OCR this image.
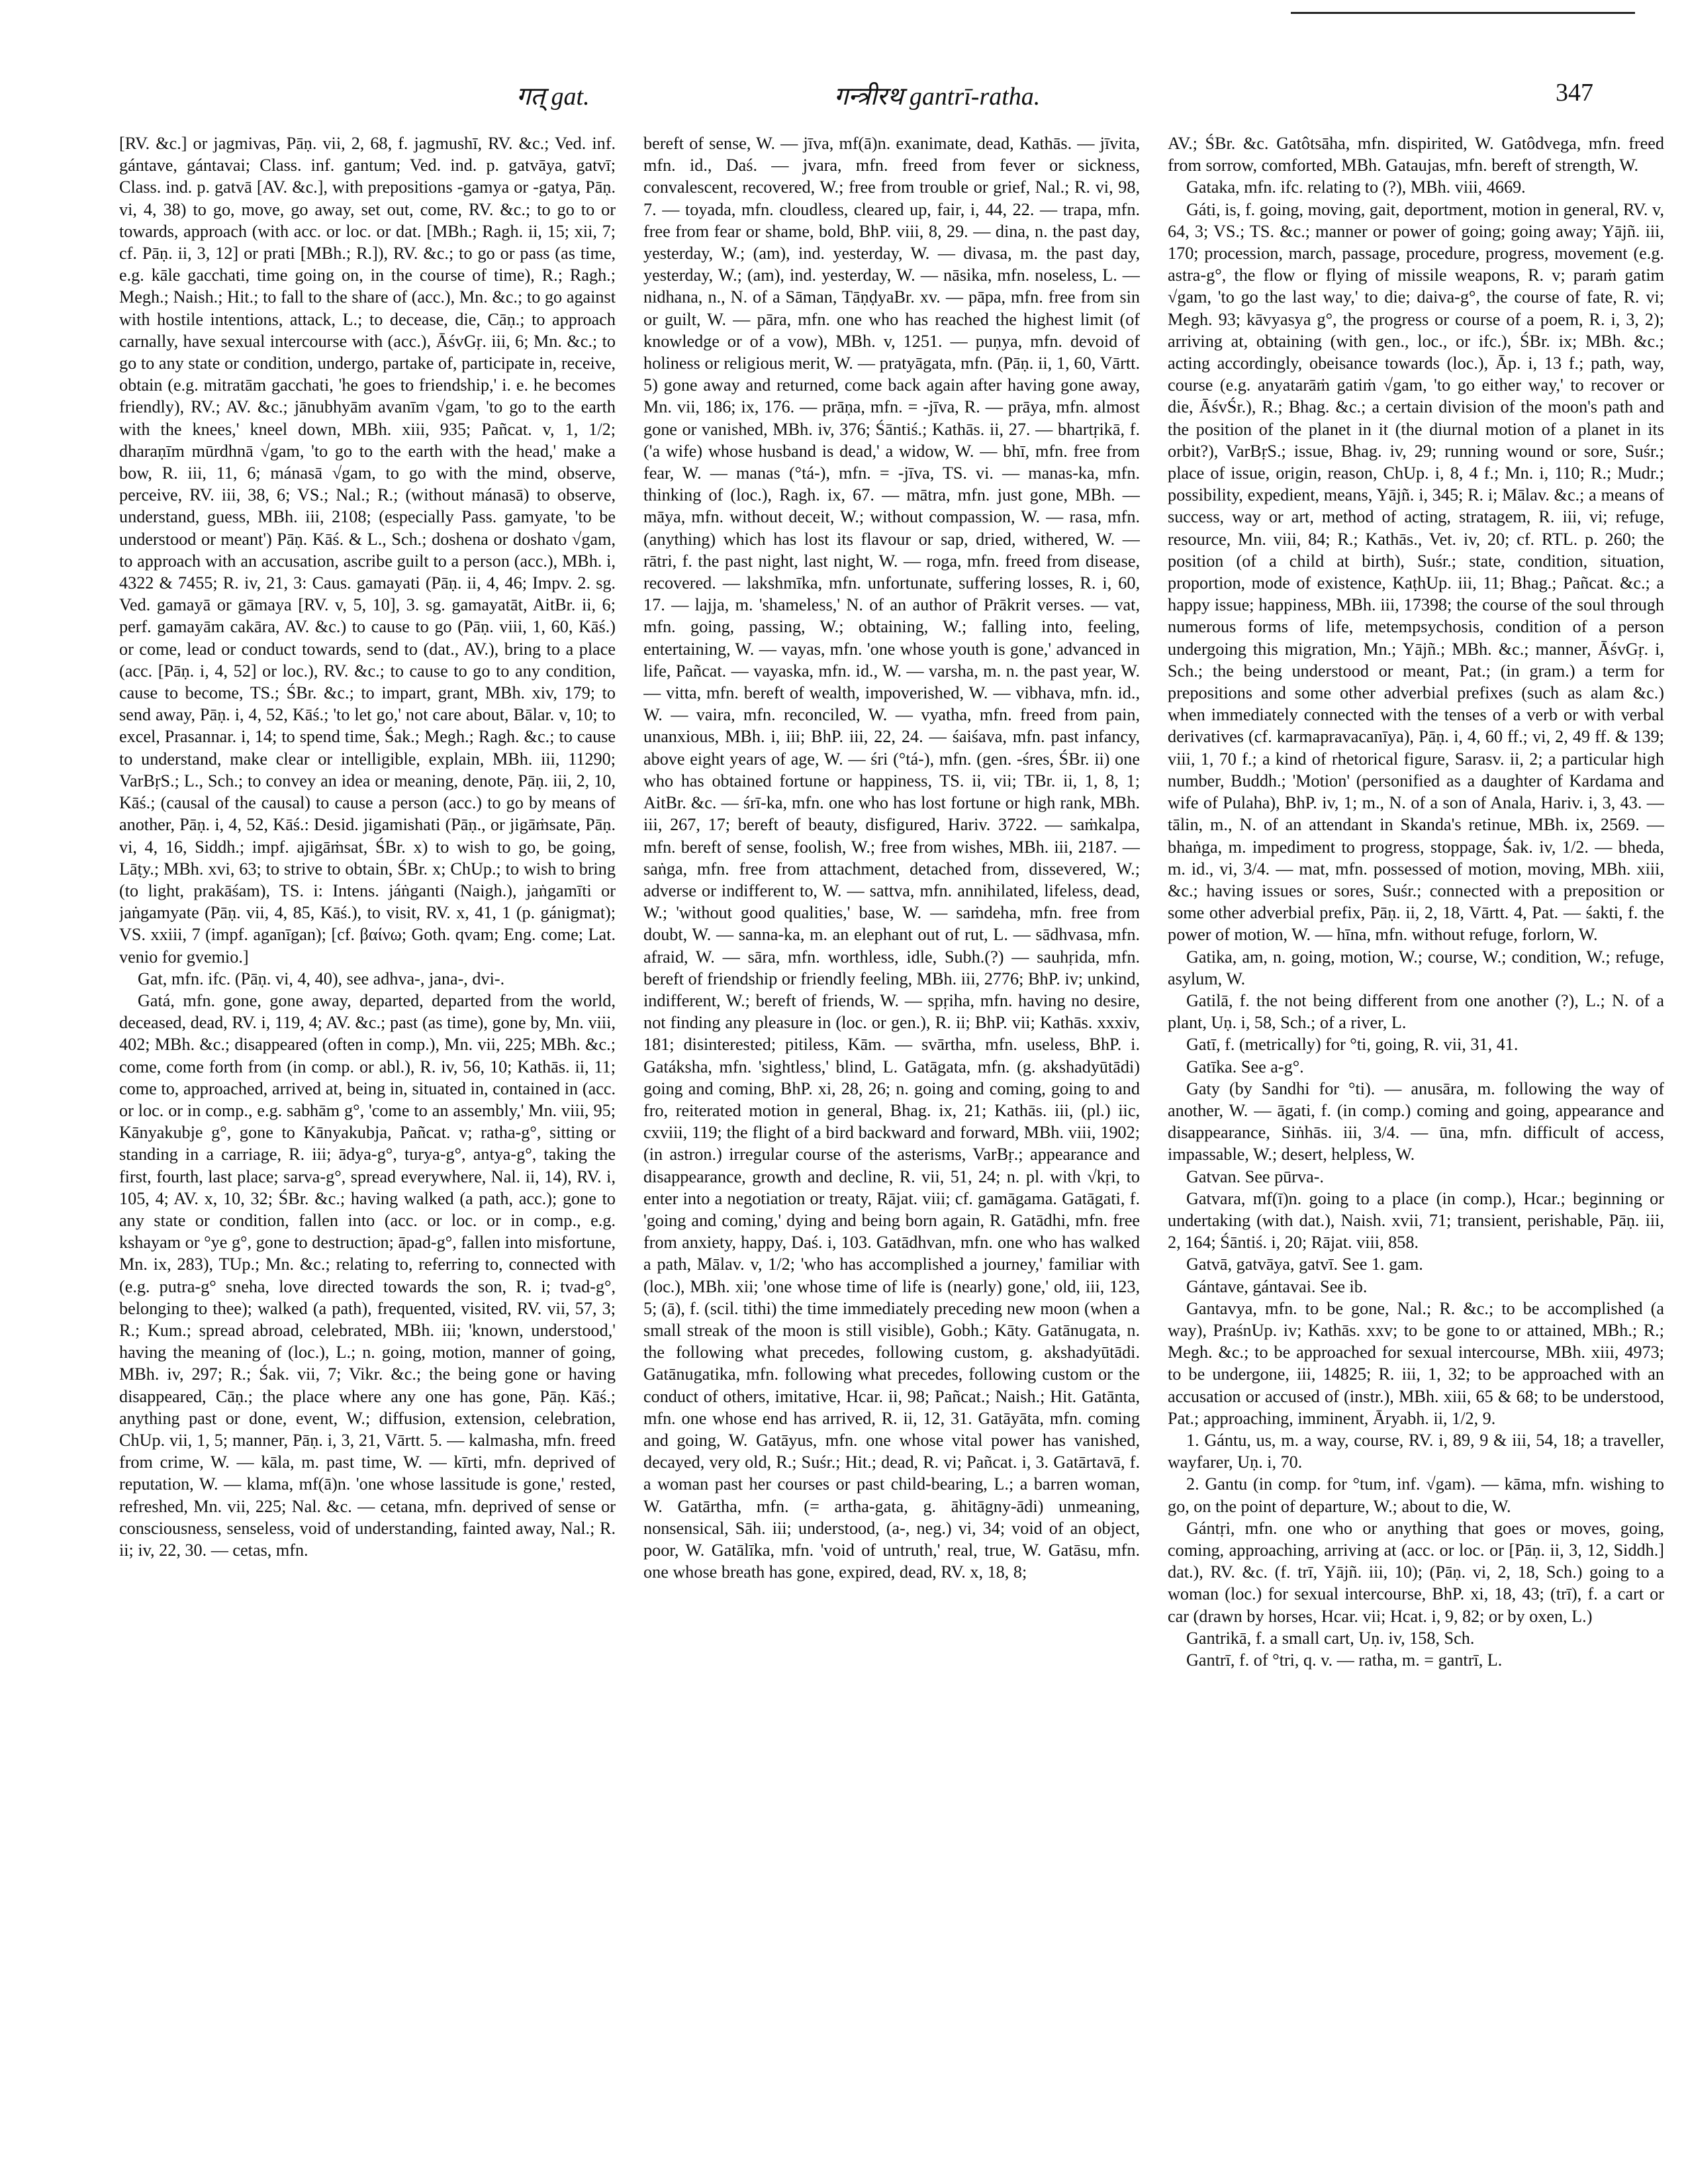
गत् gat.	गन्त्रीरथ gantrī-ratha.	347

[RV. &c.] or jagmivas, Pāṇ. vii, 2, 68, f. jagmushī, RV. &c.; Ved. inf. gántave, gántavai; Class. inf. gantum; Ved. ind. p. gatvāya, gatvī; Class. ind. p. gatvā [AV. &c.], with prepositions -gamya or -gatya, Pāṇ. vi, 4, 38) to go, move, go away, set out, come, RV. &c.; to go to or towards, approach (with acc. or loc. or dat. [MBh.; Ragh. ii, 15; xii, 7; cf. Pāṇ. ii, 3, 12] or prati [MBh.; R.]), RV. &c.; to go or pass (as time, e.g. kāle gacchati, time going on, in the course of time), R.; Ragh.; Megh.; Naish.; Hit.; to fall to the share of (acc.), Mn. &c.; to go against with hostile intentions, attack, L.; to decease, die, Cāṇ.; to approach carnally, have sexual intercourse with (acc.), ĀśvGṛ. iii, 6; Mn. &c.; to go to any state or condition, undergo, partake of, participate in, receive, obtain (e.g. mitratām gacchati, 'he goes to friendship,' i. e. he becomes friendly), RV.; AV. &c.; jānubhyām avanīm √gam, 'to go to the earth with the knees,' kneel down, MBh. xiii, 935; Pañcat. v, 1, 1/2; dharaṇīm mūrdhnā √gam, 'to go to the earth with the head,' make a bow, R. iii, 11, 6; mánasā √gam, to go with the mind, observe, perceive, RV. iii, 38, 6; VS.; Nal.; R.; (without mánasā) to observe, understand, guess, MBh. iii, 2108; (especially Pass. gamyate, 'to be understood or meant') Pāṇ. Kāś. & L., Sch.; doshena or doshato √gam, to approach with an accusation, ascribe guilt to a person (acc.), MBh. i, 4322 & 7455; R. iv, 21, 3: Caus. gamayati (Pāṇ. ii, 4, 46; Impv. 2. sg. Ved. gamayā or gāmaya [RV. v, 5, 10], 3. sg. gamayatāt, AitBr. ii, 6; perf. gamayām cakāra, AV. &c.) to cause to go (Pāṇ. viii, 1, 60, Kāś.) or come, lead or conduct towards, send to (dat., AV.), bring to a place (acc. [Pāṇ. i, 4, 52] or loc.), RV. &c.; to cause to go to any condition, cause to become, TS.; ŚBr. &c.; to impart, grant, MBh. xiv, 179; to send away, Pāṇ. i, 4, 52, Kāś.; 'to let go,' not care about, Bālar. v, 10; to excel, Prasannar. i, 14; to spend time, Śak.; Megh.; Ragh. &c.; to cause to understand, make clear or intelligible, explain, MBh. iii, 11290; VarBṛS.; L., Sch.; to convey an idea or meaning, denote, Pāṇ. iii, 2, 10, Kāś.; (causal of the causal) to cause a person (acc.) to go by means of another, Pāṇ. i, 4, 52, Kāś.: Desid. jigamishati (Pāṇ., or jigāṁsate, Pāṇ. vi, 4, 16, Siddh.; impf. ajigāṁsat, ŚBr. x) to wish to go, be going, Lāṭy.; MBh. xvi, 63; to strive to obtain, ŚBr. x; ChUp.; to wish to bring (to light, prakāśam), TS. i: Intens. jáṅganti (Naigh.), jaṅgamīti or jaṅgamyate (Pāṇ. vii, 4, 85, Kāś.), to visit, RV. x, 41, 1 (p. gánigmat); VS. xxiii, 7 (impf. aganīgan); [cf. βαίνω; Goth. qvam; Eng. come; Lat. venio for gvemio.]

Gat, mfn. ifc. (Pāṇ. vi, 4, 40), see adhva-, jana-, dvi-.

Gatá, mfn. gone, gone away, departed, departed from the world, deceased, dead, RV. i, 119, 4; AV. &c.; past (as time), gone by, Mn. viii, 402; MBh. &c.; disappeared (often in comp.), Mn. vii, 225; MBh. &c.; come, come forth from (in comp. or abl.), R. iv, 56, 10; Kathās. ii, 11; come to, approached, arrived at, being in, situated in, contained in (acc. or loc. or in comp., e.g. sabhām g°, 'come to an assembly,' Mn. viii, 95; Kānyakubje g°, gone to Kānyakubja, Pañcat. v; ratha-g°, sitting or standing in a carriage, R. iii; ādya-g°, turya-g°, antya-g°, taking the first, fourth, last place; sarva-g°, spread everywhere, Nal. ii, 14), RV. i, 105, 4; AV. x, 10, 32; ŚBr. &c.; having walked (a path, acc.); gone to any state or condition, fallen into (acc. or loc. or in comp., e.g. kshayam or °ye g°, gone to destruction; āpad-g°, fallen into misfortune, Mn. ix, 283), TUp.; Mn. &c.; relating to, referring to, connected with (e.g. putra-g° sneha, love directed towards the son, R. i; tvad-g°, belonging to thee); walked (a path), frequented, visited, RV. vii, 57, 3; R.; Kum.; spread abroad, celebrated, MBh. iii; 'known, understood,' having the meaning of (loc.), L.; n. going, motion, manner of going, MBh. iv, 297; R.; Śak. vii, 7; Vikr. &c.; the being gone or having disappeared, Cāṇ.; the place where any one has gone, Pāṇ. Kāś.; anything past or done, event, W.; diffusion, extension, celebration, ChUp. vii, 1, 5; manner, Pāṇ. i, 3, 21, Vārtt. 5. — kalmasha, mfn. freed from crime, W. — kāla, m. past time, W. — kīrti, mfn. deprived of reputation, W. — klama, mf(ā)n. 'one whose lassitude is gone,' rested, refreshed, Mn. vii, 225; Nal. &c. — cetana, mfn. deprived of sense or consciousness, senseless, void of understanding, fainted away, Nal.; R. ii; iv, 22, 30. — cetas, mfn.

bereft of sense, W. — jīva, mf(ā)n. exanimate, dead, Kathās. — jīvita, mfn. id., Daś. — jvara, mfn. freed from fever or sickness, convalescent, recovered, W.; free from trouble or grief, Nal.; R. vi, 98, 7. — toyada, mfn. cloudless, cleared up, fair, i, 44, 22. — trapa, mfn. free from fear or shame, bold, BhP. viii, 8, 29. — dina, n. the past day, yesterday, W.; (am), ind. yesterday, W. — divasa, m. the past day, yesterday, W.; (am), ind. yesterday, W. — nāsika, mfn. noseless, L. — nidhana, n., N. of a Sāman, TāṇḍyaBr. xv. — pāpa, mfn. free from sin or guilt, W. — pāra, mfn. one who has reached the highest limit (of knowledge or of a vow), MBh. v, 1251. — puṇya, mfn. devoid of holiness or religious merit, W. — pratyāgata, mfn. (Pāṇ. ii, 1, 60, Vārtt. 5) gone away and returned, come back again after having gone away, Mn. vii, 186; ix, 176. — prāṇa, mfn. = -jīva, R. — prāya, mfn. almost gone or vanished, MBh. iv, 376; Śāntiś.; Kathās. ii, 27. — bhartṛikā, f. ('a wife) whose husband is dead,' a widow, W. — bhī, mfn. free from fear, W. — manas (°tá-), mfn. = -jīva, TS. vi. — manas-ka, mfn. thinking of (loc.), Ragh. ix, 67. — mātra, mfn. just gone, MBh. — māya, mfn. without deceit, W.; without compassion, W. — rasa, mfn. (anything) which has lost its flavour or sap, dried, withered, W. — rātri, f. the past night, last night, W. — roga, mfn. freed from disease, recovered. — lakshmīka, mfn. unfortunate, suffering losses, R. i, 60, 17. — lajja, m. 'shameless,' N. of an author of Prākrit verses. — vat, mfn. going, passing, W.; obtaining, W.; falling into, feeling, entertaining, W. — vayas, mfn. 'one whose youth is gone,' advanced in life, Pañcat. — vayaska, mfn. id., W. — varsha, m. n. the past year, W. — vitta, mfn. bereft of wealth, impoverished, W. — vibhava, mfn. id., W. — vaira, mfn. reconciled, W. — vyatha, mfn. freed from pain, unanxious, MBh. i, iii; BhP. iii, 22, 24. — śaiśava, mfn. past infancy, above eight years of age, W. — śri (°tá-), mfn. (gen. -śres, ŚBr. ii) one who has obtained fortune or happiness, TS. ii, vii; TBr. ii, 1, 8, 1; AitBr. &c. — śrī-ka, mfn. one who has lost fortune or high rank, MBh. iii, 267, 17; bereft of beauty, disfigured, Hariv. 3722. — saṁkalpa, mfn. bereft of sense, foolish, W.; free from wishes, MBh. iii, 2187. — saṅga, mfn. free from attachment, detached from, dissevered, W.; adverse or indifferent to, W. — sattva, mfn. annihilated, lifeless, dead, W.; 'without good qualities,' base, W. — saṁdeha, mfn. free from doubt, W. — sanna-ka, m. an elephant out of rut, L. — sādhvasa, mfn. afraid, W. — sāra, mfn. worthless, idle, Subh.(?) — sauhṛida, mfn. bereft of friendship or friendly feeling, MBh. iii, 2776; BhP. iv; unkind, indifferent, W.; bereft of friends, W. — spṛiha, mfn. having no desire, not finding any pleasure in (loc. or gen.), R. ii; BhP. vii; Kathās. xxxiv, 181; disinterested; pitiless, Kām. — svārtha, mfn. useless, BhP. i. Gatáksha, mfn. 'sightless,' blind, L. Gatāgata, mfn. (g. akshadyūtādi) going and coming, BhP. xi, 28, 26; n. going and coming, going to and fro, reiterated motion in general, Bhag. ix, 21; Kathās. iii, (pl.) iic, cxviii, 119; the flight of a bird backward and forward, MBh. viii, 1902; (in astron.) irregular course of the asterisms, VarBṛ.; appearance and disappearance, growth and decline, R. vii, 51, 24; n. pl. with √kṛi, to enter into a negotiation or treaty, Rājat. viii; cf. gamāgama. Gatāgati, f. 'going and coming,' dying and being born again, R. Gatādhi, mfn. free from anxiety, happy, Daś. i, 103. Gatādhvan, mfn. one who has walked a path, Mālav. v, 1/2; 'who has accomplished a journey,' familiar with (loc.), MBh. xii; 'one whose time of life is (nearly) gone,' old, iii, 123, 5; (ā), f. (scil. tithi) the time immediately preceding new moon (when a small streak of the moon is still visible), Gobh.; Kāty. Gatānugata, n. the following what precedes, following custom, g. akshadyūtādi. Gatānugatika, mfn. following what precedes, following custom or the conduct of others, imitative, Hcar. ii, 98; Pañcat.; Naish.; Hit. Gatānta, mfn. one whose end has arrived, R. ii, 12, 31. Gatāyāta, mfn. coming and going, W. Gatāyus, mfn. one whose vital power has vanished, decayed, very old, R.; Suśr.; Hit.; dead, R. vi; Pañcat. i, 3. Gatārtavā, f. a woman past her courses or past child-bearing, L.; a barren woman, W. Gatārtha, mfn. (= artha-gata, g. āhitāgny-ādi) unmeaning, nonsensical, Sāh. iii; understood, (a-, neg.) vi, 34; void of an object, poor, W. Gatālīka, mfn. 'void of untruth,' real, true, W. Gatāsu, mfn. one whose breath has gone, expired, dead, RV. x, 18, 8;

AV.; ŚBr. &c. Gatôtsāha, mfn. dispirited, W. Gatôdvega, mfn. freed from sorrow, comforted, MBh. Gataujas, mfn. bereft of strength, W.

Gataka, mfn. ifc. relating to (?), MBh. viii, 4669.

Gáti, is, f. going, moving, gait, deportment, motion in general, RV. v, 64, 3; VS.; TS. &c.; manner or power of going; going away; Yājñ. iii, 170; procession, march, passage, procedure, progress, movement (e.g. astra-g°, the flow or flying of missile weapons, R. v; paraṁ gatim √gam, 'to go the last way,' to die; daiva-g°, the course of fate, R. vi; Megh. 93; kāvyasya g°, the progress or course of a poem, R. i, 3, 2); arriving at, obtaining (with gen., loc., or ifc.), ŚBr. ix; MBh. &c.; acting accordingly, obeisance towards (loc.), Āp. i, 13 f.; path, way, course (e.g. anyatarāṁ gatiṁ √gam, 'to go either way,' to recover or die, ĀśvŚr.), R.; Bhag. &c.; a certain division of the moon's path and the position of the planet in it (the diurnal motion of a planet in its orbit?), VarBṛS.; issue, Bhag. iv, 29; running wound or sore, Suśr.; place of issue, origin, reason, ChUp. i, 8, 4 f.; Mn. i, 110; R.; Mudr.; possibility, expedient, means, Yājñ. i, 345; R. i; Mālav. &c.; a means of success, way or art, method of acting, stratagem, R. iii, vi; refuge, resource, Mn. viii, 84; R.; Kathās., Vet. iv, 20; cf. RTL. p. 260; the position (of a child at birth), Suśr.; state, condition, situation, proportion, mode of existence, KaṭhUp. iii, 11; Bhag.; Pañcat. &c.; a happy issue; happiness, MBh. iii, 17398; the course of the soul through numerous forms of life, metempsychosis, condition of a person undergoing this migration, Mn.; Yājñ.; MBh. &c.; manner, ĀśvGṛ. i, Sch.; the being understood or meant, Pat.; (in gram.) a term for prepositions and some other adverbial prefixes (such as alam &c.) when immediately connected with the tenses of a verb or with verbal derivatives (cf. karmapravacanīya), Pāṇ. i, 4, 60 ff.; vi, 2, 49 ff. & 139; viii, 1, 70 f.; a kind of rhetorical figure, Sarasv. ii, 2; a particular high number, Buddh.; 'Motion' (personified as a daughter of Kardama and wife of Pulaha), BhP. iv, 1; m., N. of a son of Anala, Hariv. i, 3, 43. — tālin, m., N. of an attendant in Skanda's retinue, MBh. ix, 2569. — bhaṅga, m. impediment to progress, stoppage, Śak. iv, 1/2. — bheda, m. id., vi, 3/4. — mat, mfn. possessed of motion, moving, MBh. xiii, &c.; having issues or sores, Suśr.; connected with a preposition or some other adverbial prefix, Pāṇ. ii, 2, 18, Vārtt. 4, Pat. — śakti, f. the power of motion, W. — hīna, mfn. without refuge, forlorn, W.

Gatika, am, n. going, motion, W.; course, W.; condition, W.; refuge, asylum, W.

Gatilā, f. the not being different from one another (?), L.; N. of a plant, Uṇ. i, 58, Sch.; of a river, L.

Gatī, f. (metrically) for °ti, going, R. vii, 31, 41.

Gatīka. See a-g°.

Gaty (by Sandhi for °ti). — anusāra, m. following the way of another, W. — āgati, f. (in comp.) coming and going, appearance and disappearance, Siṅhās. iii, 3/4. — ūna, mfn. difficult of access, impassable, W.; desert, helpless, W.

Gatvan. See pūrva-.

Gatvara, mf(ī)n. going to a place (in comp.), Hcar.; beginning or undertaking (with dat.), Naish. xvii, 71; transient, perishable, Pāṇ. iii, 2, 164; Śāntiś. i, 20; Rājat. viii, 858.

Gatvā, gatvāya, gatvī. See 1. gam.

Gántave, gántavai. See ib.

Gantavya, mfn. to be gone, Nal.; R. &c.; to be accomplished (a way), PraśnUp. iv; Kathās. xxv; to be gone to or attained, MBh.; R.; Megh. &c.; to be approached for sexual intercourse, MBh. xiii, 4973; to be undergone, iii, 14825; R. iii, 1, 32; to be approached with an accusation or accused of (instr.), MBh. xiii, 65 & 68; to be understood, Pat.; approaching, imminent, Āryabh. ii, 1/2, 9.

1. Gántu, us, m. a way, course, RV. i, 89, 9 & iii, 54, 18; a traveller, wayfarer, Uṇ. i, 70.

2. Gantu (in comp. for °tum, inf. √gam). — kāma, mfn. wishing to go, on the point of departure, W.; about to die, W.

Gántṛi, mfn. one who or anything that goes or moves, going, coming, approaching, arriving at (acc. or loc. or [Pāṇ. ii, 3, 12, Siddh.] dat.), RV. &c. (f. trī, Yājñ. iii, 10); (Pāṇ. vi, 2, 18, Sch.) going to a woman (loc.) for sexual intercourse, BhP. xi, 18, 43; (trī), f. a cart or car (drawn by horses, Hcar. vii; Hcat. i, 9, 82; or by oxen, L.)

Gantrikā, f. a small cart, Uṇ. iv, 158, Sch.

Gantrī, f. of °tri, q. v. — ratha, m. = gantrī, L.
